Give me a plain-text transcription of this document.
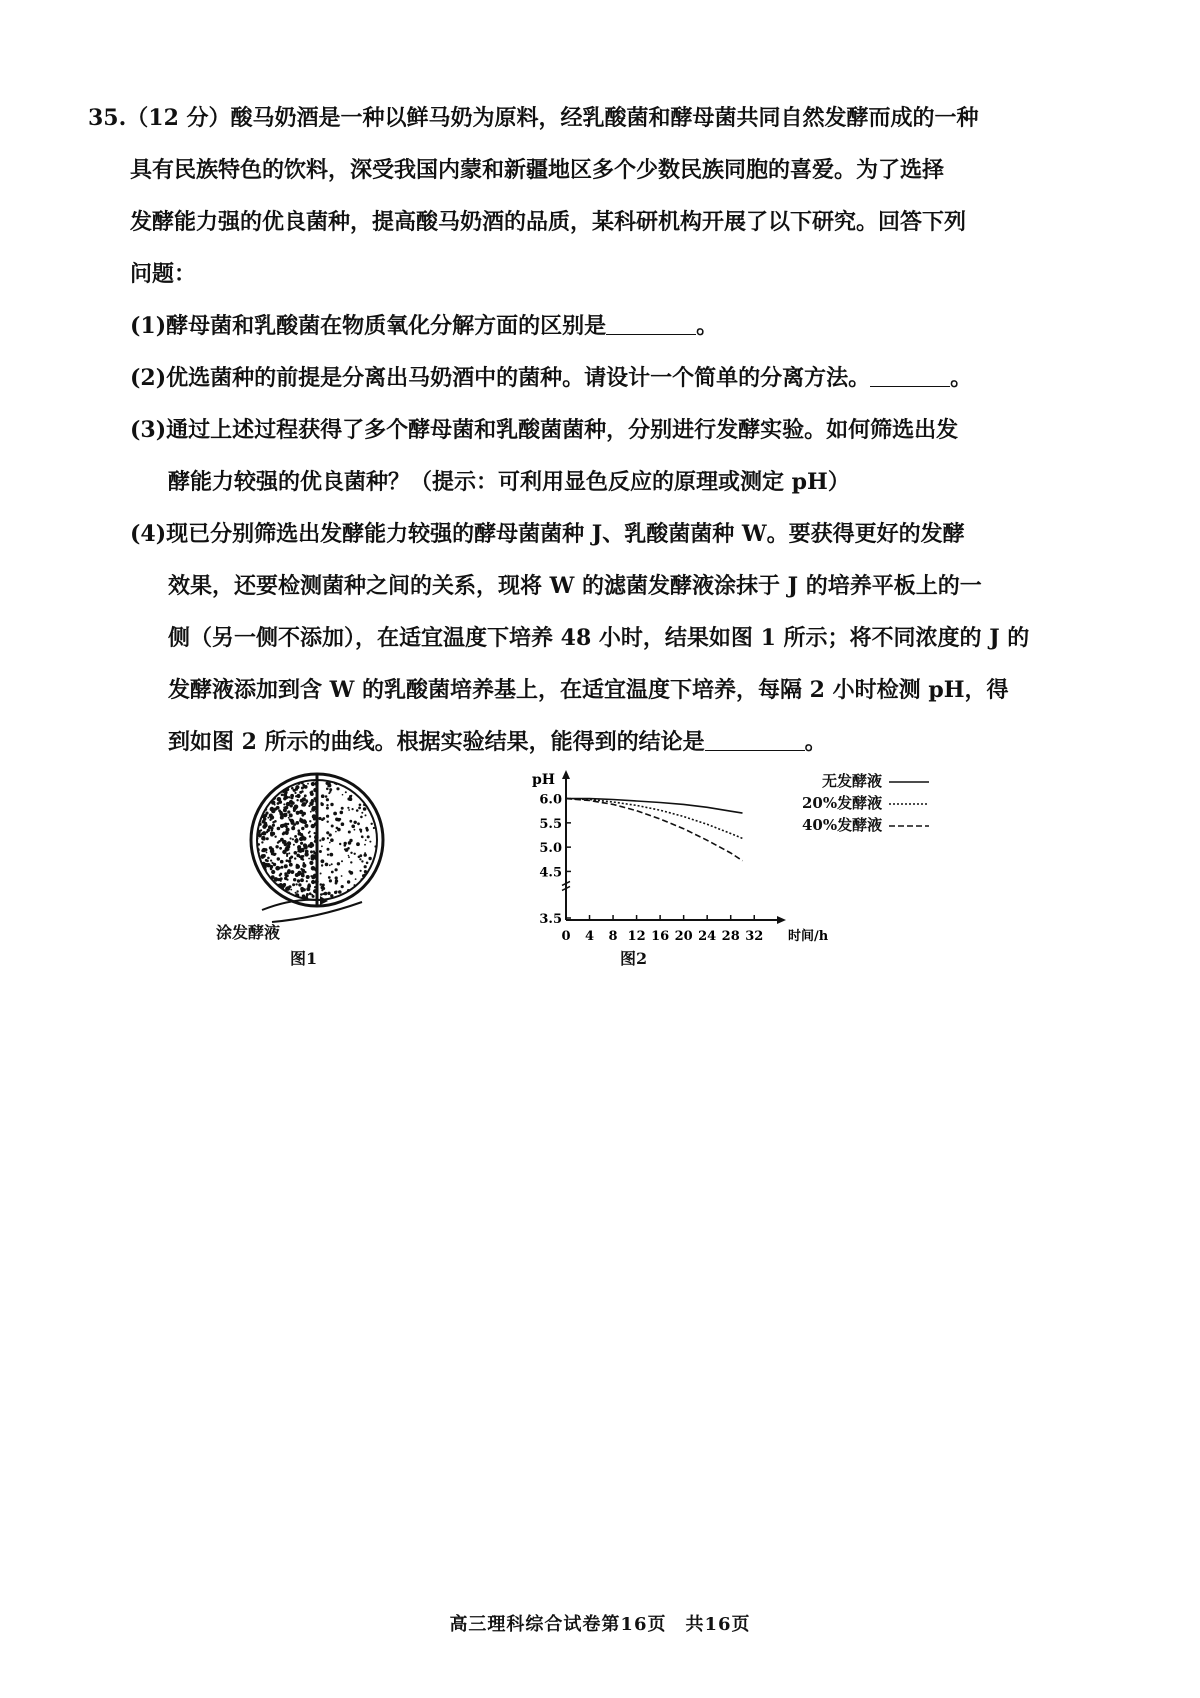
35.（12 分）酸马奶酒是一种以鲜马奶为原料，经乳酸菌和酵母菌共同自然发酵而成的一种
具有民族特色的饮料，深受我国内蒙和新疆地区多个少数民族同胞的喜爱。为了选择
发酵能力强的优良菌种，提高酸马奶酒的品质，某科研机构开展了以下研究。回答下列
问题：
(1)酵母菌和乳酸菌在物质氧化分解方面的区别是	。
(2)优选菌种的前提是分离出马奶酒中的菌种。请设计一个简单的分离方法。	。
(3)通过上述过程获得了多个酵母菌和乳酸菌菌种，分别进行发酵实验。如何筛选出发
酵能力较强的优良菌种？（提示：可利用显色反应的原理或测定 pH）
(4)现已分别筛选出发酵能力较强的酵母菌菌种 J、乳酸菌菌种 W。要获得更好的发酵
效果，还要检测菌种之间的关系，现将 W 的滤菌发酵液涂抹于 J 的培养平板上的一
侧（另一侧不添加），在适宜温度下培养 48 小时，结果如图 1 所示；将不同浓度的 J 的
发酵液添加到含 W 的乳酸菌培养基上，在适宜温度下培养，每隔 2 小时检测 pH，得
到如图 2 所示的曲线。根据实验结果，能得到的结论是	。
涂发酵液
图1
pH
时间/h
3.5
4.5
5.0
5.5
6.0
0 4 8 12 16 20 24 28 32
图2
无发酵液
20%发酵液
40%发酵液
高三理科综合试卷第16页　共16页
